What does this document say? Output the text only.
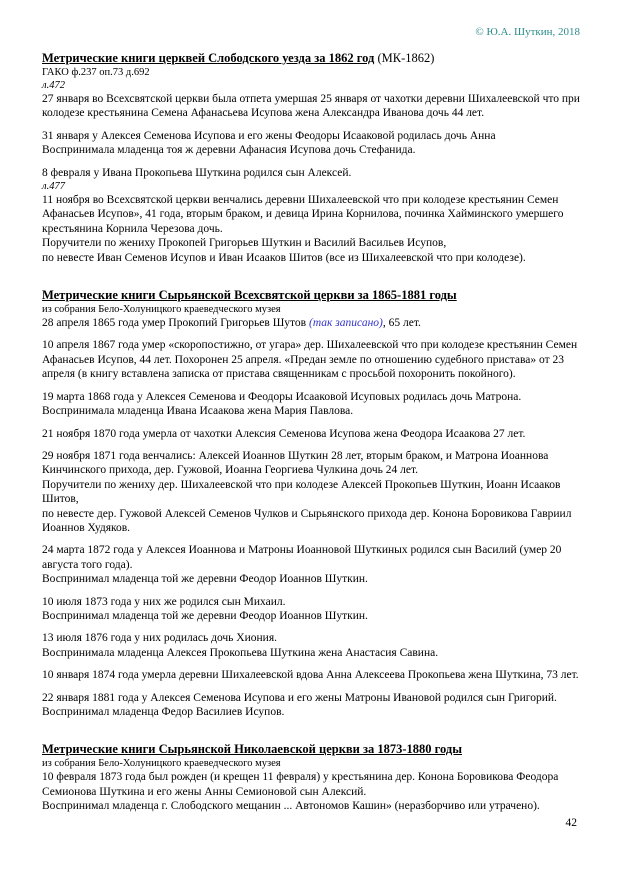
© Ю.А. Шуткин, 2018

Метрические книги церквей Слободского уезда за 1862 год (МК-1862)

ГАКО ф.237 оп.73 д.692

л.472

27 января во Всехсвятской церкви была отпета умершая 25 января от чахотки деревни Шихалеевской что при колодезе крестьянина Семена Афанасьева Исупова жена Александра Иванова дочь 44 лет.

31 января у Алексея Семенова Исупова и его жены Феодоры Исааковой родилась дочь Анна
Воспринимала младенца тоя ж деревни Афанасия Исупова дочь Стефанида.

8 февраля у Ивана Прокопьева Шуткина родился сын Алексей.

л.477

11 ноября во Всехсвятской церкви венчались деревни Шихалеевской что при колодезе крестьянин Семен Афанасьев Исупов», 41 года, вторым браком, и девица Ирина Корнилова, починка Хайминского умершего крестьянина Корнила Черезова дочь.

Поручители по жениху Прокопей Григорьев Шуткин и Василий Васильев Исупов,
по невесте Иван Семенов Исупов и Иван Исааков Шитов (все из Шихалеевской что при колодезе).

Метрические книги Сырьянской Всехсвятской церкви за 1865-1881 годы

из собрания Бело-Холуницкого краеведческого музея

28 апреля 1865 года умер Прокопий Григорьев Шутов (так записано), 65 лет.

10 апреля 1867 года умер «скоропостижно, от угара» дер. Шихалеевской что при колодезе крестьянин Семен Афанасьев Исупов, 44 лет. Похоронен 25 апреля. «Предан земле по отношению судебного пристава» от 23 апреля (в книгу вставлена записка от пристава священникам с просьбой похоронить покойного).

19 марта 1868 года у Алексея Семенова и Феодоры Исааковой Исуповых родилась дочь Матрона.
Воспринимала младенца Ивана Исаакова жена Мария Павлова.

21 ноября 1870 года умерла от чахотки Алексия Семенова Исупова жена Феодора Исаакова 27 лет.

29 ноября 1871 года венчались: Алексей Иоаннов Шуткин 28 лет, вторым браком, и Матрона Иоаннова Кинчинского прихода, дер. Гужовой, Иоанна Георгиева Чулкина дочь 24 лет.

Поручители по жениху дер. Шихалеевской что при колодезе Алексей Прокопьев Шуткин, Иоанн Исааков Шитов,
по невесте дер. Гужовой Алексей Семенов Чулков и Сырьянского прихода дер. Конона Боровикова Гавриил Иоаннов Худяков.

24 марта 1872 года у Алексея Иоаннова и Матроны Иоанновой Шуткиных родился сын Василий (умер 20 августа того года).
Воспринимал младенца той же деревни Феодор Иоаннов Шуткин.

10 июля 1873 года у них же родился сын Михаил.
Воспринимал младенца той же деревни Феодор Иоаннов Шуткин.

13 июля 1876 года у них родилась дочь Хиония.
Воспринимала младенца Алексея Прокопьева Шуткина жена Анастасия Савина.

10 января 1874 года умерла деревни Шихалеевской вдова Анна Алексеева Прокопьева жена Шуткина, 73 лет.

22 января 1881 года у Алексея Семенова Исупова и его жены Матроны Ивановой родился сын Григорий.
Воспринимал младенца Федор Василиев Исупов.

Метрические книги Сырьянской Николаевской церкви за 1873-1880 годы

из собрания Бело-Холуницкого краеведческого музея

10 февраля 1873 года был рожден (и крещен 11 февраля) у крестьянина дер. Конона Боровикова Феодора Семионова Шуткина и его жены Анны Семионовой сын Алексий.

Воспринимал младенца г. Слободского мещанин ... Автономов Кашин» (неразборчиво или утрачено).

42
